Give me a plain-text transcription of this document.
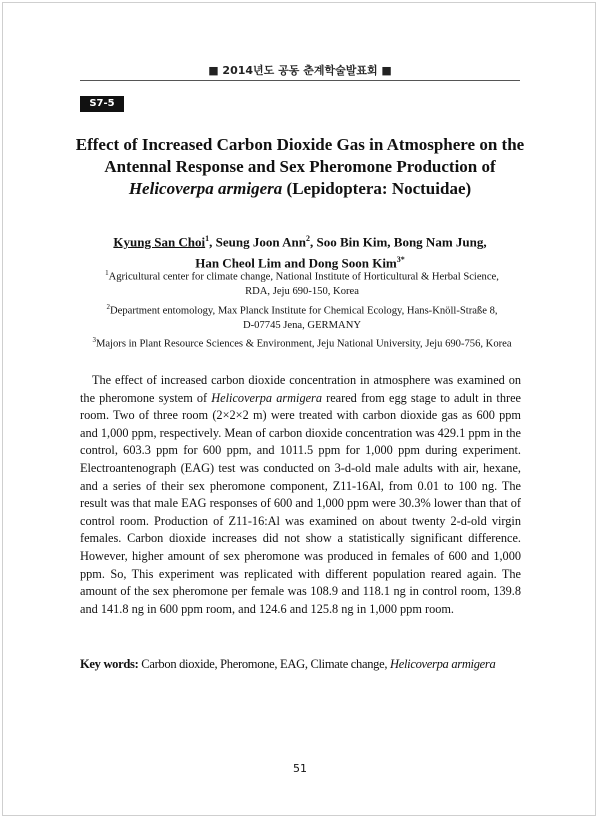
■ 2014년도 공동 춘계학술발표회 ■
S7-5
Effect of Increased Carbon Dioxide Gas in Atmosphere on the
Antennal Response and Sex Pheromone Production of
Helicoverpa armigera (Lepidoptera: Noctuidae)
Kyung San Choi$^1$, Seung Joon Ann$^2$, Soo Bin Kim, Bong Nam Jung,
Han Cheol Lim and Dong Soon Kim$^{3*}$
$^1$Agricultural center for climate change, National Institute of Horticultural & Herbal Science,
RDA, Jeju 690-150, Korea
$^2$Department entomology, Max Planck Institute for Chemical Ecology, Hans-Knöll-Straße 8,
D-07745 Jena, GERMANY
$^3$Majors in Plant Resource Sciences & Environment, Jeju National University, Jeju 690-756, Korea
The effect of increased carbon dioxide concentration in atmosphere was examined on the pheromone system of Helicoverpa armigera reared from egg stage to adult in three room. Two of three room (2×2×2 m) were treated with carbon dioxide gas as 600 ppm and 1,000 ppm, respectively. Mean of carbon dioxide concentration was 429.1 ppm in the control, 603.3 ppm for 600 ppm, and 1011.5 ppm for 1,000 ppm during experiment. Electroantenograph (EAG) test was conducted on 3-d-old male adults with air, hexane, and a series of their sex pheromone component, Z11-16Al, from 0.01 to 100 ng. The result was that male EAG responses of 600 and 1,000 ppm were 30.3% lower than that of control room. Production of Z11-16:Al was examined on about twenty 2-d-old virgin females. Carbon dioxide increases did not show a statistically significant difference. However, higher amount of sex pheromone was produced in females of 600 and 1,000 ppm. So, This experiment was replicated with different population reared again. The amount of the sex pheromone per female was 108.9 and 118.1 ng in control room, 139.8 and 141.8 ng in 600 ppm room, and 124.6 and 125.8 ng in 1,000 ppm room.
Key words: Carbon dioxide, Pheromone, EAG, Climate change, Helicoverpa armigera
51
